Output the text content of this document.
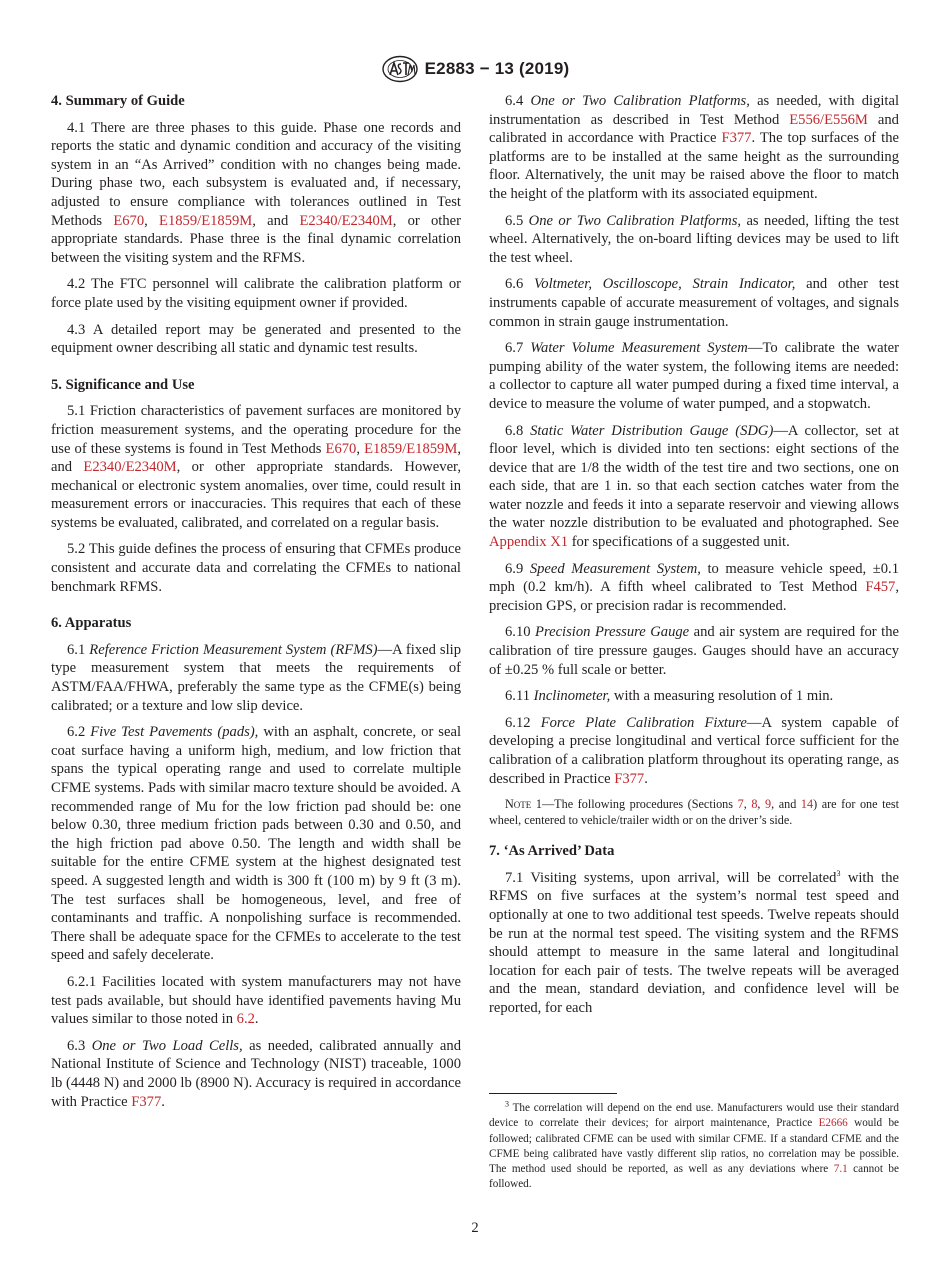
E2883 − 13 (2019)
4. Summary of Guide

4.1 There are three phases to this guide. Phase one records and reports the static and dynamic condition and accuracy of the visiting system in an “As Arrived” condition with no changes being made. During phase two, each subsystem is evaluated and, if necessary, adjusted to ensure compliance with tolerances outlined in Test Methods E670, E1859/E1859M, and E2340/E2340M, or other appropriate standards. Phase three is the final dynamic correlation between the visiting system and the RFMS.

4.2 The FTC personnel will calibrate the calibration platform or force plate used by the visiting equipment owner if provided.

4.3 A detailed report may be generated and presented to the equipment owner describing all static and dynamic test results.

5. Significance and Use

5.1 Friction characteristics of pavement surfaces are monitored by friction measurement systems, and the operating procedure for the use of these systems is found in Test Methods E670, E1859/E1859M, and E2340/E2340M, or other appropriate standards. However, mechanical or electronic system anomalies, over time, could result in measurement errors or inaccuracies. This requires that each of these systems be evaluated, calibrated, and correlated on a regular basis.

5.2 This guide defines the process of ensuring that CFMEs produce consistent and accurate data and correlating the CFMEs to national benchmark RFMS.

6. Apparatus

6.1 Reference Friction Measurement System (RFMS)—A fixed slip type measurement system that meets the requirements of ASTM/FAA/FHWA, preferably the same type as the CFME(s) being calibrated; or a texture and low slip device.

6.2 Five Test Pavements (pads), with an asphalt, concrete, or seal coat surface having a uniform high, medium, and low friction that spans the typical operating range and used to correlate multiple CFME systems. Pads with similar macro texture should be avoided. A recommended range of Mu for the low friction pad should be: one below 0.30, three medium friction pads between 0.30 and 0.50, and the high friction pad above 0.50. The length and width shall be suitable for the entire CFME system at the highest designated test speed. A suggested length and width is 300 ft (100 m) by 9 ft (3 m). The test surfaces shall be homogeneous, level, and free of contaminants and traffic. A nonpolishing surface is recommended. There shall be adequate space for the CFMEs to accelerate to the test speed and safely decelerate.

6.2.1 Facilities located with system manufacturers may not have test pads available, but should have identified pavements having Mu values similar to those noted in 6.2.

6.3 One or Two Load Cells, as needed, calibrated annually and National Institute of Science and Technology (NIST) traceable, 1000 lb (4448 N) and 2000 lb (8900 N). Accuracy is required in accordance with Practice F377.

6.4 One or Two Calibration Platforms, as needed, with digital instrumentation as described in Test Method E556/E556M and calibrated in accordance with Practice F377. The top surfaces of the platforms are to be installed at the same height as the surrounding floor. Alternatively, the unit may be raised above the floor to match the height of the platform with its associated equipment.

6.5 One or Two Calibration Platforms, as needed, lifting the test wheel. Alternatively, the on-board lifting devices may be used to lift the test wheel.

6.6 Voltmeter, Oscilloscope, Strain Indicator, and other test instruments capable of accurate measurement of voltages, and signals common in strain gauge instrumentation.

6.7 Water Volume Measurement System—To calibrate the water pumping ability of the water system, the following items are needed: a collector to capture all water pumped during a fixed time interval, a device to measure the volume of water pumped, and a stopwatch.

6.8 Static Water Distribution Gauge (SDG)—A collector, set at floor level, which is divided into ten sections: eight sections of the device that are 1/8 the width of the test tire and two sections, one on each side, that are 1 in. so that each section catches water from the water nozzle and feeds it into a separate reservoir and viewing allows the water nozzle distribution to be evaluated and photographed. See Appendix X1 for specifications of a suggested unit.

6.9 Speed Measurement System, to measure vehicle speed, ±0.1 mph (0.2 km/h). A fifth wheel calibrated to Test Method F457, precision GPS, or precision radar is recommended.

6.10 Precision Pressure Gauge and air system are required for the calibration of tire pressure gauges. Gauges should have an accuracy of ±0.25 % full scale or better.

6.11 Inclinometer, with a measuring resolution of 1 min.

6.12 Force Plate Calibration Fixture—A system capable of developing a precise longitudinal and vertical force sufficient for the calibration of a calibration platform throughout its operating range, as described in Practice F377.

Note 1—The following procedures (Sections 7, 8, 9, and 14) are for one test wheel, centered to vehicle/trailer width or on the driver’s side.

7. ‘As Arrived’ Data

7.1 Visiting systems, upon arrival, will be correlated$^3$ with the RFMS on five surfaces at the system’s normal test speed and optionally at one to two additional test speeds. Twelve repeats should be run at the normal test speed. The visiting system and the RFMS should attempt to measure in the same lateral and longitudinal location for each pair of tests. The twelve repeats will be averaged and the mean, standard deviation, and confidence level will be reported, for each

$^3$ The correlation will depend on the end use. Manufacturers would use their standard device to correlate their devices; for airport maintenance, Practice E2666 would be followed; calibrated CFME can be used with similar CFME. If a standard CFME and the CFME being calibrated have vastly different slip ratios, no correlation may be possible. The method used should be reported, as well as any deviations where 7.1 cannot be followed.

2
